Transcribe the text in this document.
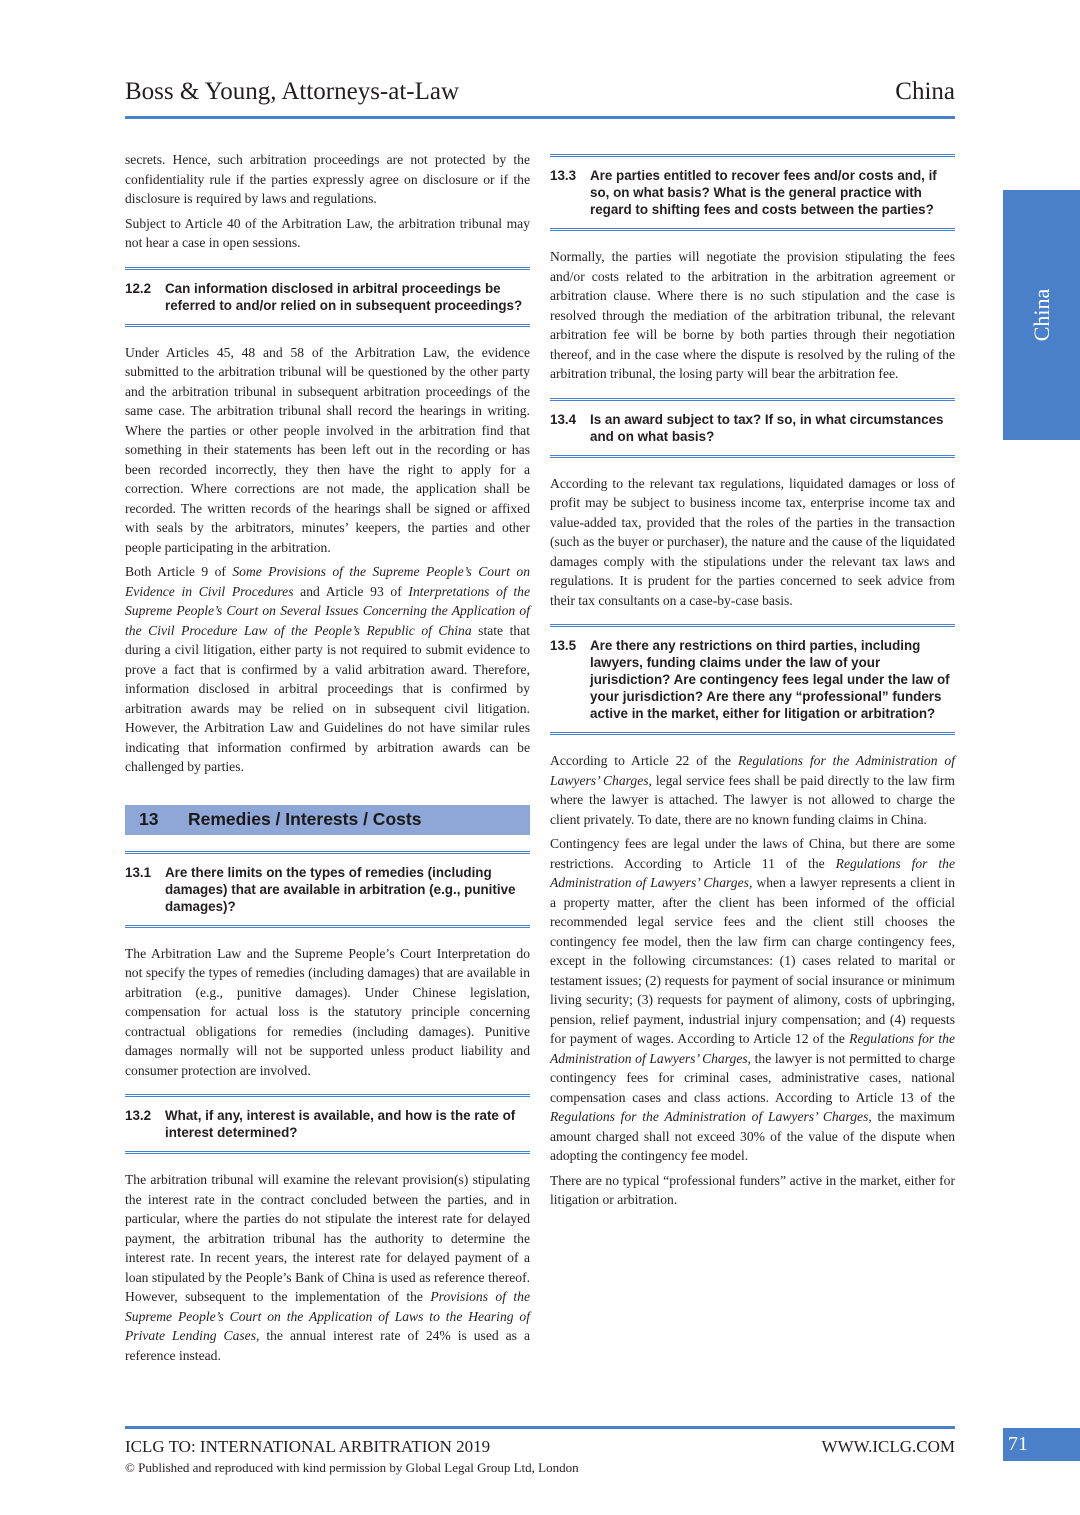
Boss & Young, Attorneys-at-Law	China
China

secrets. Hence, such arbitration proceedings are not protected by the confidentiality rule if the parties expressly agree on disclosure or if the disclosure is required by laws and regulations.

Subject to Article 40 of the Arbitration Law, the arbitration tribunal may not hear a case in open sessions.

12.2	Can information disclosed in arbitral proceedings be referred to and/or relied on in subsequent proceedings?

Under Articles 45, 48 and 58 of the Arbitration Law, the evidence submitted to the arbitration tribunal will be questioned by the other party and the arbitration tribunal in subsequent arbitration proceedings of the same case. The arbitration tribunal shall record the hearings in writing. Where the parties or other people involved in the arbitration find that something in their statements has been left out in the recording or has been recorded incorrectly, they then have the right to apply for a correction. Where corrections are not made, the application shall be recorded. The written records of the hearings shall be signed or affixed with seals by the arbitrators, minutes’ keepers, the parties and other people participating in the arbitration.

Both Article 9 of Some Provisions of the Supreme People’s Court on Evidence in Civil Procedures and Article 93 of Interpretations of the Supreme People’s Court on Several Issues Concerning the Application of the Civil Procedure Law of the People’s Republic of China state that during a civil litigation, either party is not required to submit evidence to prove a fact that is confirmed by a valid arbitration award. Therefore, information disclosed in arbitral proceedings that is confirmed by arbitration awards may be relied on in subsequent civil litigation. However, the Arbitration Law and Guidelines do not have similar rules indicating that information confirmed by arbitration awards can be challenged by parties.

13	Remedies / Interests / Costs
13.1	Are there limits on the types of remedies (including damages) that are available in arbitration (e.g., punitive damages)?

The Arbitration Law and the Supreme People’s Court Interpretation do not specify the types of remedies (including damages) that are available in arbitration (e.g., punitive damages). Under Chinese legislation, compensation for actual loss is the statutory principle concerning contractual obligations for remedies (including damages). Punitive damages normally will not be supported unless product liability and consumer protection are involved.

13.2	What, if any, interest is available, and how is the rate of interest determined?

The arbitration tribunal will examine the relevant provision(s) stipulating the interest rate in the contract concluded between the parties, and in particular, where the parties do not stipulate the interest rate for delayed payment, the arbitration tribunal has the authority to determine the interest rate. In recent years, the interest rate for delayed payment of a loan stipulated by the People’s Bank of China is used as reference thereof. However, subsequent to the implementation of the Provisions of the Supreme People’s Court on the Application of Laws to the Hearing of Private Lending Cases, the annual interest rate of 24% is used as a reference instead.

13.3	Are parties entitled to recover fees and/or costs and, if so, on what basis? What is the general practice with regard to shifting fees and costs between the parties?

Normally, the parties will negotiate the provision stipulating the fees and/or costs related to the arbitration in the arbitration agreement or arbitration clause. Where there is no such stipulation and the case is resolved through the mediation of the arbitration tribunal, the relevant arbitration fee will be borne by both parties through their negotiation thereof, and in the case where the dispute is resolved by the ruling of the arbitration tribunal, the losing party will bear the arbitration fee.

13.4	Is an award subject to tax? If so, in what circumstances and on what basis?

According to the relevant tax regulations, liquidated damages or loss of profit may be subject to business income tax, enterprise income tax and value-added tax, provided that the roles of the parties in the transaction (such as the buyer or purchaser), the nature and the cause of the liquidated damages comply with the stipulations under the relevant tax laws and regulations. It is prudent for the parties concerned to seek advice from their tax consultants on a case-by-case basis.

13.5	Are there any restrictions on third parties, including lawyers, funding claims under the law of your jurisdiction? Are contingency fees legal under the law of your jurisdiction? Are there any “professional” funders active in the market, either for litigation or arbitration?

According to Article 22 of the Regulations for the Administration of Lawyers’ Charges, legal service fees shall be paid directly to the law firm where the lawyer is attached. The lawyer is not allowed to charge the client privately. To date, there are no known funding claims in China.

Contingency fees are legal under the laws of China, but there are some restrictions. According to Article 11 of the Regulations for the Administration of Lawyers’ Charges, when a lawyer represents a client in a property matter, after the client has been informed of the official recommended legal service fees and the client still chooses the contingency fee model, then the law firm can charge contingency fees, except in the following circumstances: (1) cases related to marital or testament issues; (2) requests for payment of social insurance or minimum living security; (3) requests for payment of alimony, costs of upbringing, pension, relief payment, industrial injury compensation; and (4) requests for payment of wages. According to Article 12 of the Regulations for the Administration of Lawyers’ Charges, the lawyer is not permitted to charge contingency fees for criminal cases, administrative cases, national compensation cases and class actions. According to Article 13 of the Regulations for the Administration of Lawyers’ Charges, the maximum amount charged shall not exceed 30% of the value of the dispute when adopting the contingency fee model.

There are no typical “professional funders” active in the market, either for litigation or arbitration.

ICLG TO: INTERNATIONAL ARBITRATION 2019
© Published and reproduced with kind permission by Global Legal Group Ltd, London
WWW.ICLG.COM	71
